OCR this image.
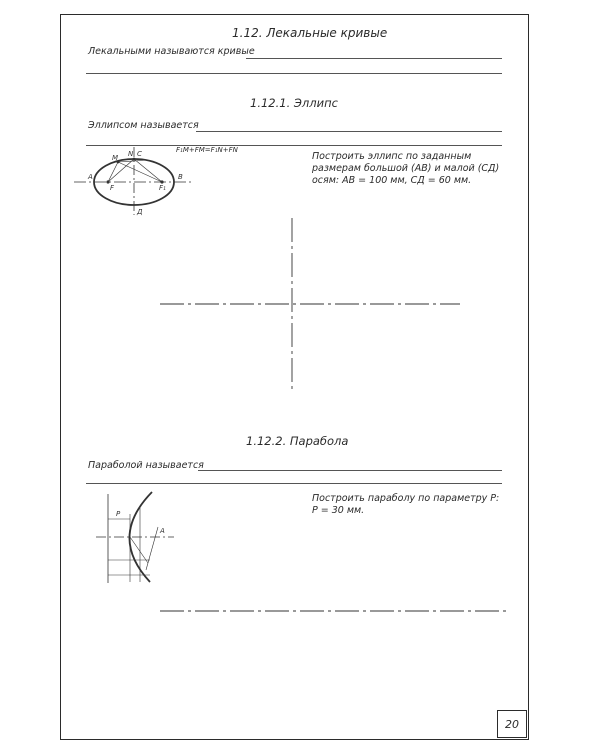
1.12. Лекальные кривые
Лекальными называются кривые
1.12.1. Эллипс
Эллипсом называется
F₁M+FM=F₁N+FN
Построить эллипс по заданным
размерам большой (АВ) и малой (СД)
осям: АВ = 100 мм, СД = 60 мм.
1.12.2. Парабола
Параболой называется
Построить параболу по параметру Р:
Р = 30 мм.
А	В
С
Д
М N
F	F₁
Р
А
20
